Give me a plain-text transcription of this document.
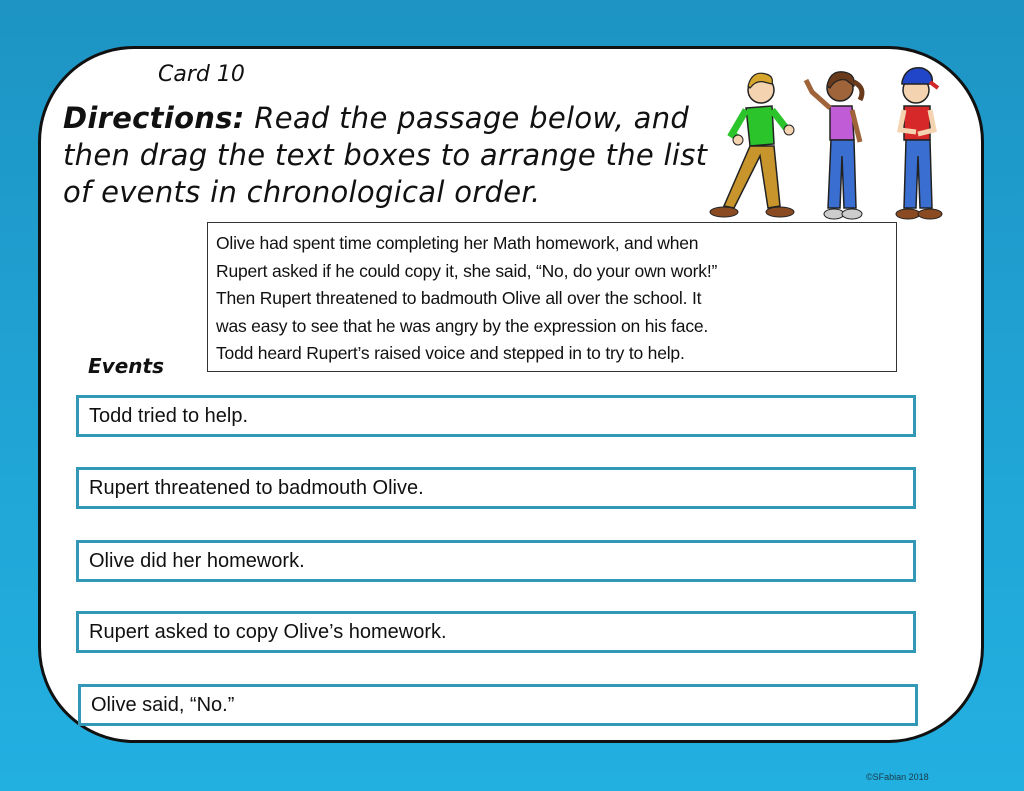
Card 10
Directions: Read the passage below, and then drag the text boxes to arrange the list of events in chronological order.

Olive had spent time completing her Math homework, and when

Rupert asked if he could copy it, she said, “No, do your own work!”

Then Rupert threatened to badmouth Olive all over the school. It

was easy to see that he was angry by the expression on his face.

Todd heard Rupert’s raised voice and stepped in to try to help.

Events
Todd tried to help.
Rupert threatened to badmouth Olive.
Olive did her homework.
Rupert asked to copy Olive’s homework.
Olive said, “No.”
©SFabian 2018
